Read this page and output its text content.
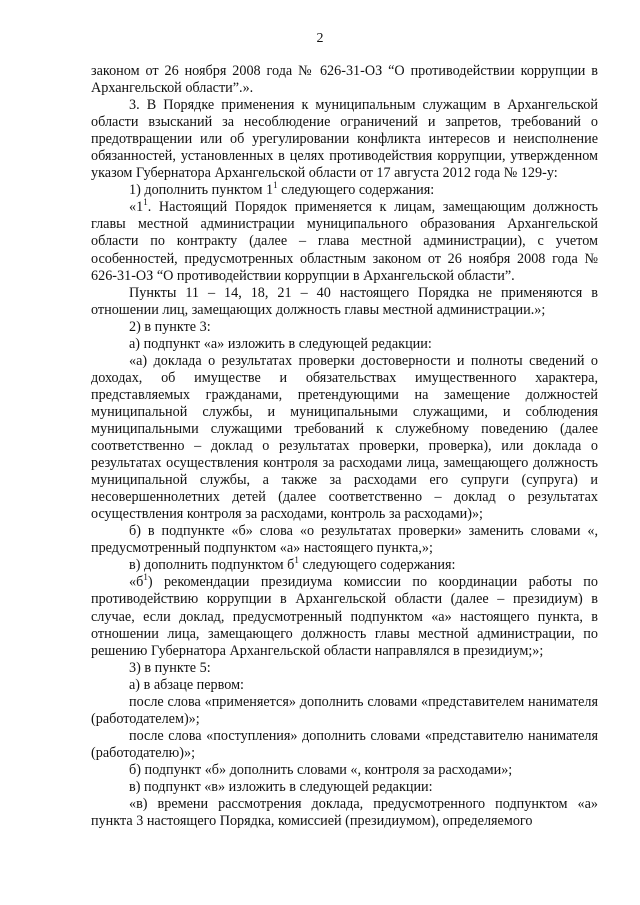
2

законом от 26 ноября 2008 года № 626-31-ОЗ “О противодействии коррупции в Архангельской области”.».

3. В Порядке применения к муниципальным служащим в Архангельской области взысканий за несоблюдение ограничений и запретов, требований о предотвращении или об урегулировании конфликта интересов и неисполнение обязанностей, установленных в целях противодействия коррупции, утвержденном указом Губернатора Архангельской области от 17 августа 2012 года № 129-у:

1) дополнить пунктом $1^1$ следующего содержания:

«$1^1$. Настоящий Порядок применяется к лицам, замещающим должность главы местной администрации муниципального образования Архангельской области по контракту (далее – глава местной администрации), с учетом особенностей, предусмотренных областным законом от 26 ноября 2008 года № 626-31-ОЗ “О противодействии коррупции в Архангельской области”.

Пункты 11 – 14, 18, 21 – 40 настоящего Порядка не применяются в отношении лиц, замещающих должность главы местной администрации.»;

2) в пункте 3:

а) подпункт «а» изложить в следующей редакции:

«а) доклада о результатах проверки достоверности и полноты сведений о доходах, об имуществе и обязательствах имущественного характера, представляемых гражданами, претендующими на замещение должностей муниципальной службы, и муниципальными служащими, и соблюдения муниципальными служащими требований к служебному поведению (далее соответственно – доклад о результатах проверки, проверка), или доклада о результатах осуществления контроля за расходами лица, замещающего должность муниципальной службы, а также за расходами его супруги (супруга) и несовершеннолетних детей (далее соответственно – доклад о результатах осуществления контроля за расходами, контроль за расходами)»;

б) в подпункте «б» слова «о результатах проверки» заменить словами «, предусмотренный подпунктом «а» настоящего пункта,»;

в) дополнить подпунктом $б^1$ следующего содержания:

«$б^1$) рекомендации президиума комиссии по координации работы по противодействию коррупции в Архангельской области (далее – президиум) в случае, если доклад, предусмотренный подпунктом «а» настоящего пункта, в отношении лица, замещающего должность главы местной администрации, по решению Губернатора Архангельской области направлялся в президиум;»;

3) в пункте 5:

а) в абзаце первом:

после слова «применяется» дополнить словами «представителем нанимателя (работодателем)»;

после слова «поступления» дополнить словами «представителю нанимателя (работодателю)»;

б) подпункт «б» дополнить словами «, контроля за расходами»;

в) подпункт «в» изложить в следующей редакции:

«в) времени рассмотрения доклада, предусмотренного подпунктом «а» пункта 3 настоящего Порядка, комиссией (президиумом), определяемого
